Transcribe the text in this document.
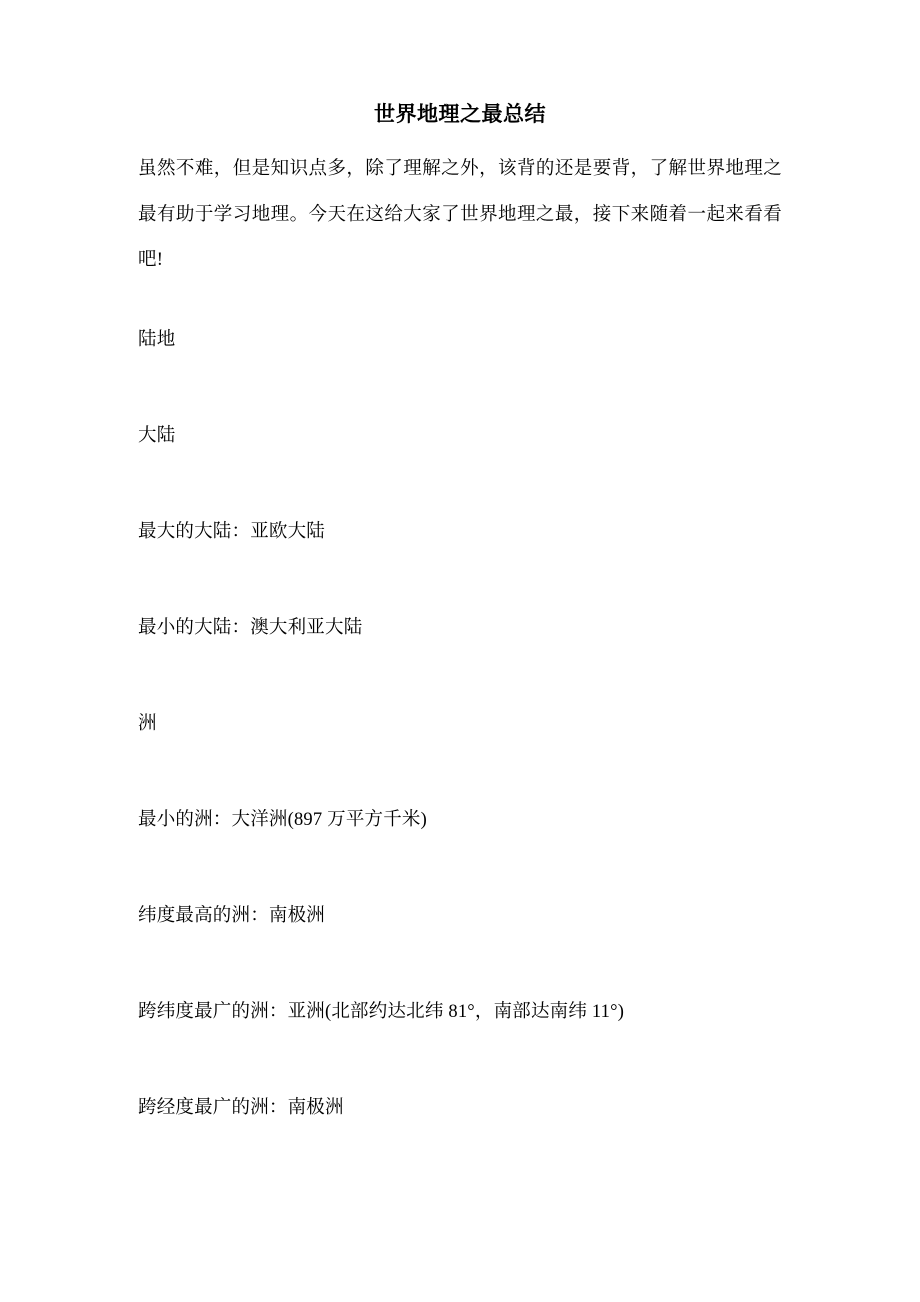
世界地理之最总结

虽然不难，但是知识点多，除了理解之外，该背的还是要背，了解世界地理之最有助于学习地理。今天在这给大家了世界地理之最，接下来随着一起来看看吧!

陆地

大陆

最大的大陆：亚欧大陆

最小的大陆：澳大利亚大陆

洲

最小的洲：大洋洲(897 万平方千米)

纬度最高的洲：南极洲

跨纬度最广的洲：亚洲(北部约达北纬 81°，南部达南纬 11°)

跨经度最广的洲：南极洲
